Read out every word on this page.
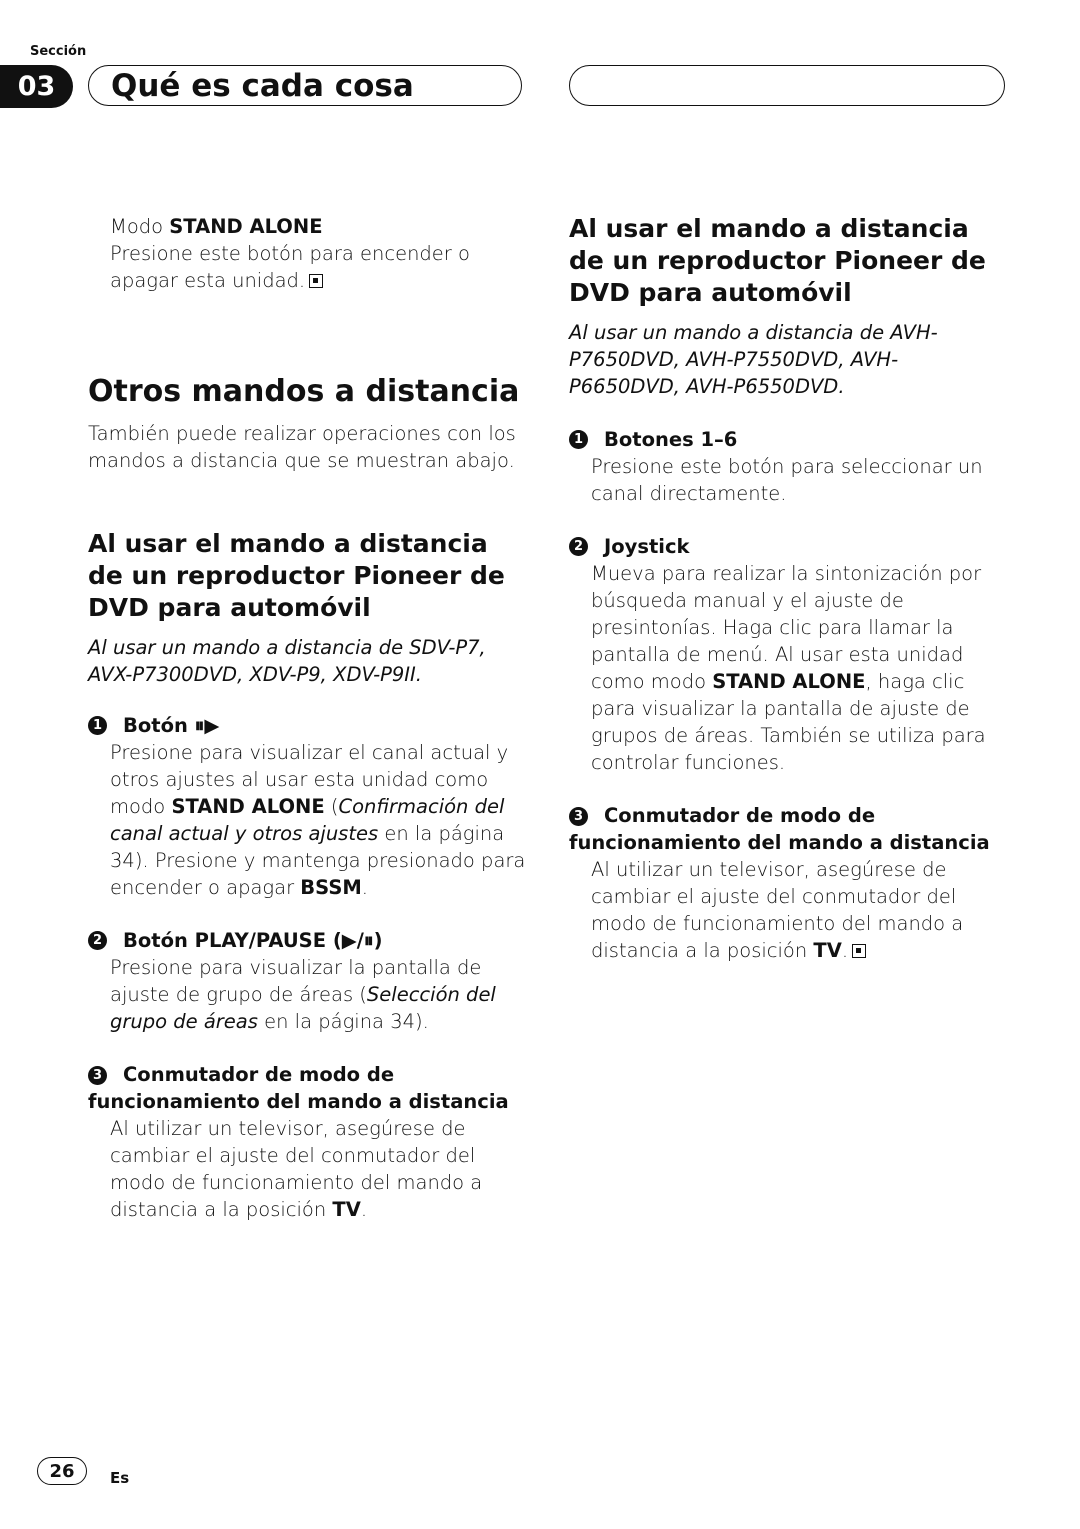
Sección
03	Qué es cada cosa

Modo STAND ALONE

Presione este botón para encender o apagar esta unidad.

Otros mandos a distancia

También puede realizar operaciones con los mandos a distancia que se muestran abajo.

Al usar el mando a distancia de un reproductor Pioneer de DVD para automóvil

Al usar un mando a distancia de SDV-P7, AVX-P7300DVD, XDV-P9, XDV-P9II.

1 Botón ⏸▶

Presione para visualizar el canal actual y otros ajustes al usar esta unidad como modo STAND ALONE (Confirmación del canal actual y otros ajustes en la página 34). Presione y mantenga presionado para encender o apagar BSSM.

2 Botón PLAY/PAUSE (▶/⏸)

Presione para visualizar la pantalla de ajuste de grupo de áreas (Selección del grupo de áreas en la página 34).

3 Conmutador de modo de funcionamiento del mando a distancia

Al utilizar un televisor, asegúrese de cambiar el ajuste del conmutador del modo de funcionamiento del mando a distancia a la posición TV.

Al usar el mando a distancia de un reproductor Pioneer de DVD para automóvil

Al usar un mando a distancia de AVH-P7650DVD, AVH-P7550DVD, AVH-P6650DVD, AVH-P6550DVD.

1 Botones 1–6

Presione este botón para seleccionar un canal directamente.

2 Joystick

Mueva para realizar la sintonización por búsqueda manual y el ajuste de presintonías. Haga clic para llamar la pantalla de menú. Al usar esta unidad como modo STAND ALONE, haga clic para visualizar la pantalla de ajuste de grupos de áreas. También se utiliza para controlar funciones.

3 Conmutador de modo de funcionamiento del mando a distancia

Al utilizar un televisor, asegúrese de cambiar el ajuste del conmutador del modo de funcionamiento del mando a distancia a la posición TV.

26	Es
